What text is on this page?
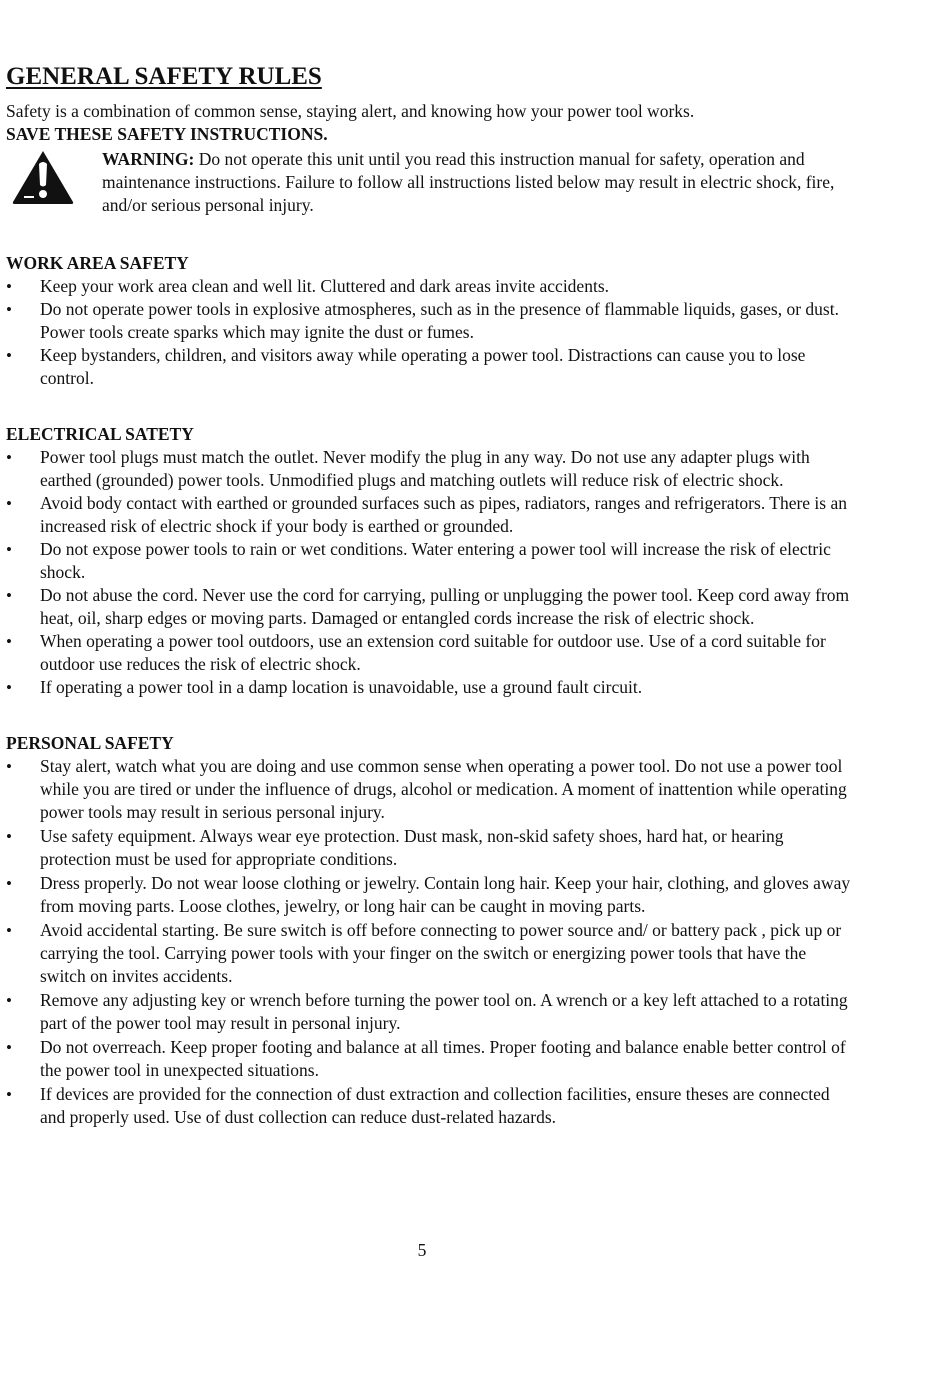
GENERAL SAFETY RULES

Safety is a combination of common sense, staying alert, and knowing how your power tool works.

SAVE THESE SAFETY INSTRUCTIONS.

WARNING: Do not operate this unit until you read this instruction manual for safety, operation and maintenance instructions. Failure to follow all instructions listed below may result in electric shock, fire, and/or serious personal injury.
WORK AREA SAFETY
• Keep your work area clean and well lit. Cluttered and dark areas invite accidents.
• Do not operate power tools in explosive atmospheres, such as in the presence of flammable liquids, gases, or dust. Power tools create sparks which may ignite the dust or fumes.
• Keep bystanders, children, and visitors away while operating a power tool. Distractions can cause you to lose control.
ELECTRICAL SATETY
• Power tool plugs must match the outlet. Never modify the plug in any way. Do not use any adapter plugs with earthed (grounded) power tools. Unmodified plugs and matching outlets will reduce risk of electric shock.
• Avoid body contact with earthed or grounded surfaces such as pipes, radiators, ranges and refrigerators. There is an increased risk of electric shock if your body is earthed or grounded.
• Do not expose power tools to rain or wet conditions. Water entering a power tool will increase the risk of electric shock.
• Do not abuse the cord. Never use the cord for carrying, pulling or unplugging the power tool. Keep cord away from heat, oil, sharp edges or moving parts. Damaged or entangled cords increase the risk of electric shock.
• When operating a power tool outdoors, use an extension cord suitable for outdoor use. Use of a cord suitable for outdoor use reduces the risk of electric shock.
• If operating a power tool in a damp location is unavoidable, use a ground fault circuit.
PERSONAL SAFETY
• Stay alert, watch what you are doing and use common sense when operating a power tool. Do not use a power tool while you are tired or under the influence of drugs, alcohol or medication. A moment of inattention while operating power tools may result in serious personal injury.
• Use safety equipment. Always wear eye protection. Dust mask, non-skid safety shoes, hard hat, or hearing protection must be used for appropriate conditions.
• Dress properly. Do not wear loose clothing or jewelry. Contain long hair. Keep your hair, clothing, and gloves away from moving parts. Loose clothes, jewelry, or long hair can be caught in moving parts.
• Avoid accidental starting. Be sure switch is off before connecting to power source and/ or battery pack , pick up or carrying the tool. Carrying power tools with your finger on the switch or energizing power tools that have the switch on invites accidents.
• Remove any adjusting key or wrench before turning the power tool on. A wrench or a key left attached to a rotating part of the power tool may result in personal injury.
• Do not overreach. Keep proper footing and balance at all times. Proper footing and balance enable better control of the power tool in unexpected situations.
• If devices are provided for the connection of dust extraction and collection facilities, ensure theses are connected and properly used. Use of dust collection can reduce dust-related hazards.
5
